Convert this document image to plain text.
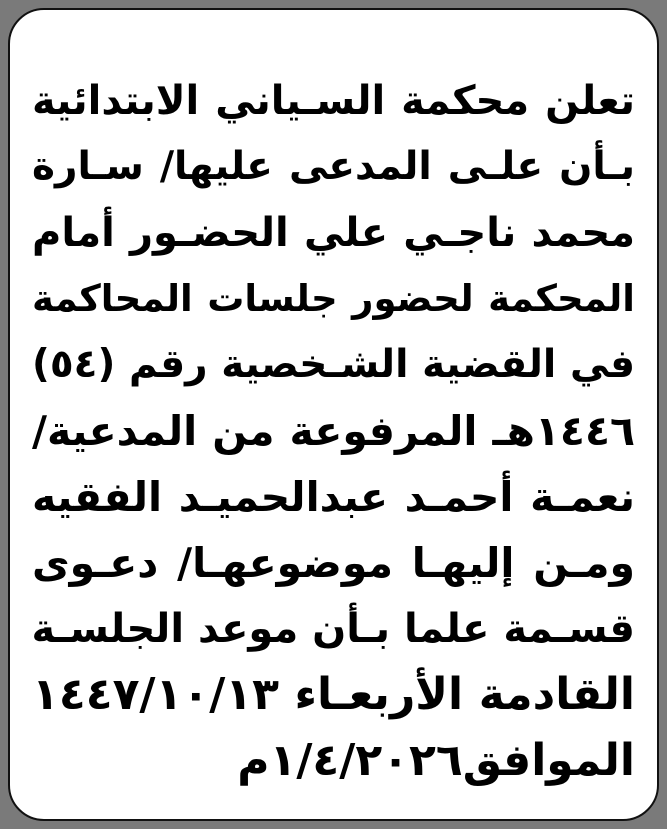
تعلن محكمة السـياني الابتدائية
بـأن علـى المدعى عليها/ سـارة
محمد ناجـي علي الحضـور أمام
المحكمة لحضور جلسات المحاكمة
في القضية الشـخصية رقم (٥٤)
١٤٤٦هـ المرفوعة من المدعية/
نعمـة أحمـد عبدالحميـد الفقيه
ومـن إليهـا موضوعهـا/ دعـوى
قسـمة علما بـأن موعد الجلسـة
القادمة الأربعـاء ١٤٤٧/١٠/١٣
الموافق١/٤/٢٠٢٦م
